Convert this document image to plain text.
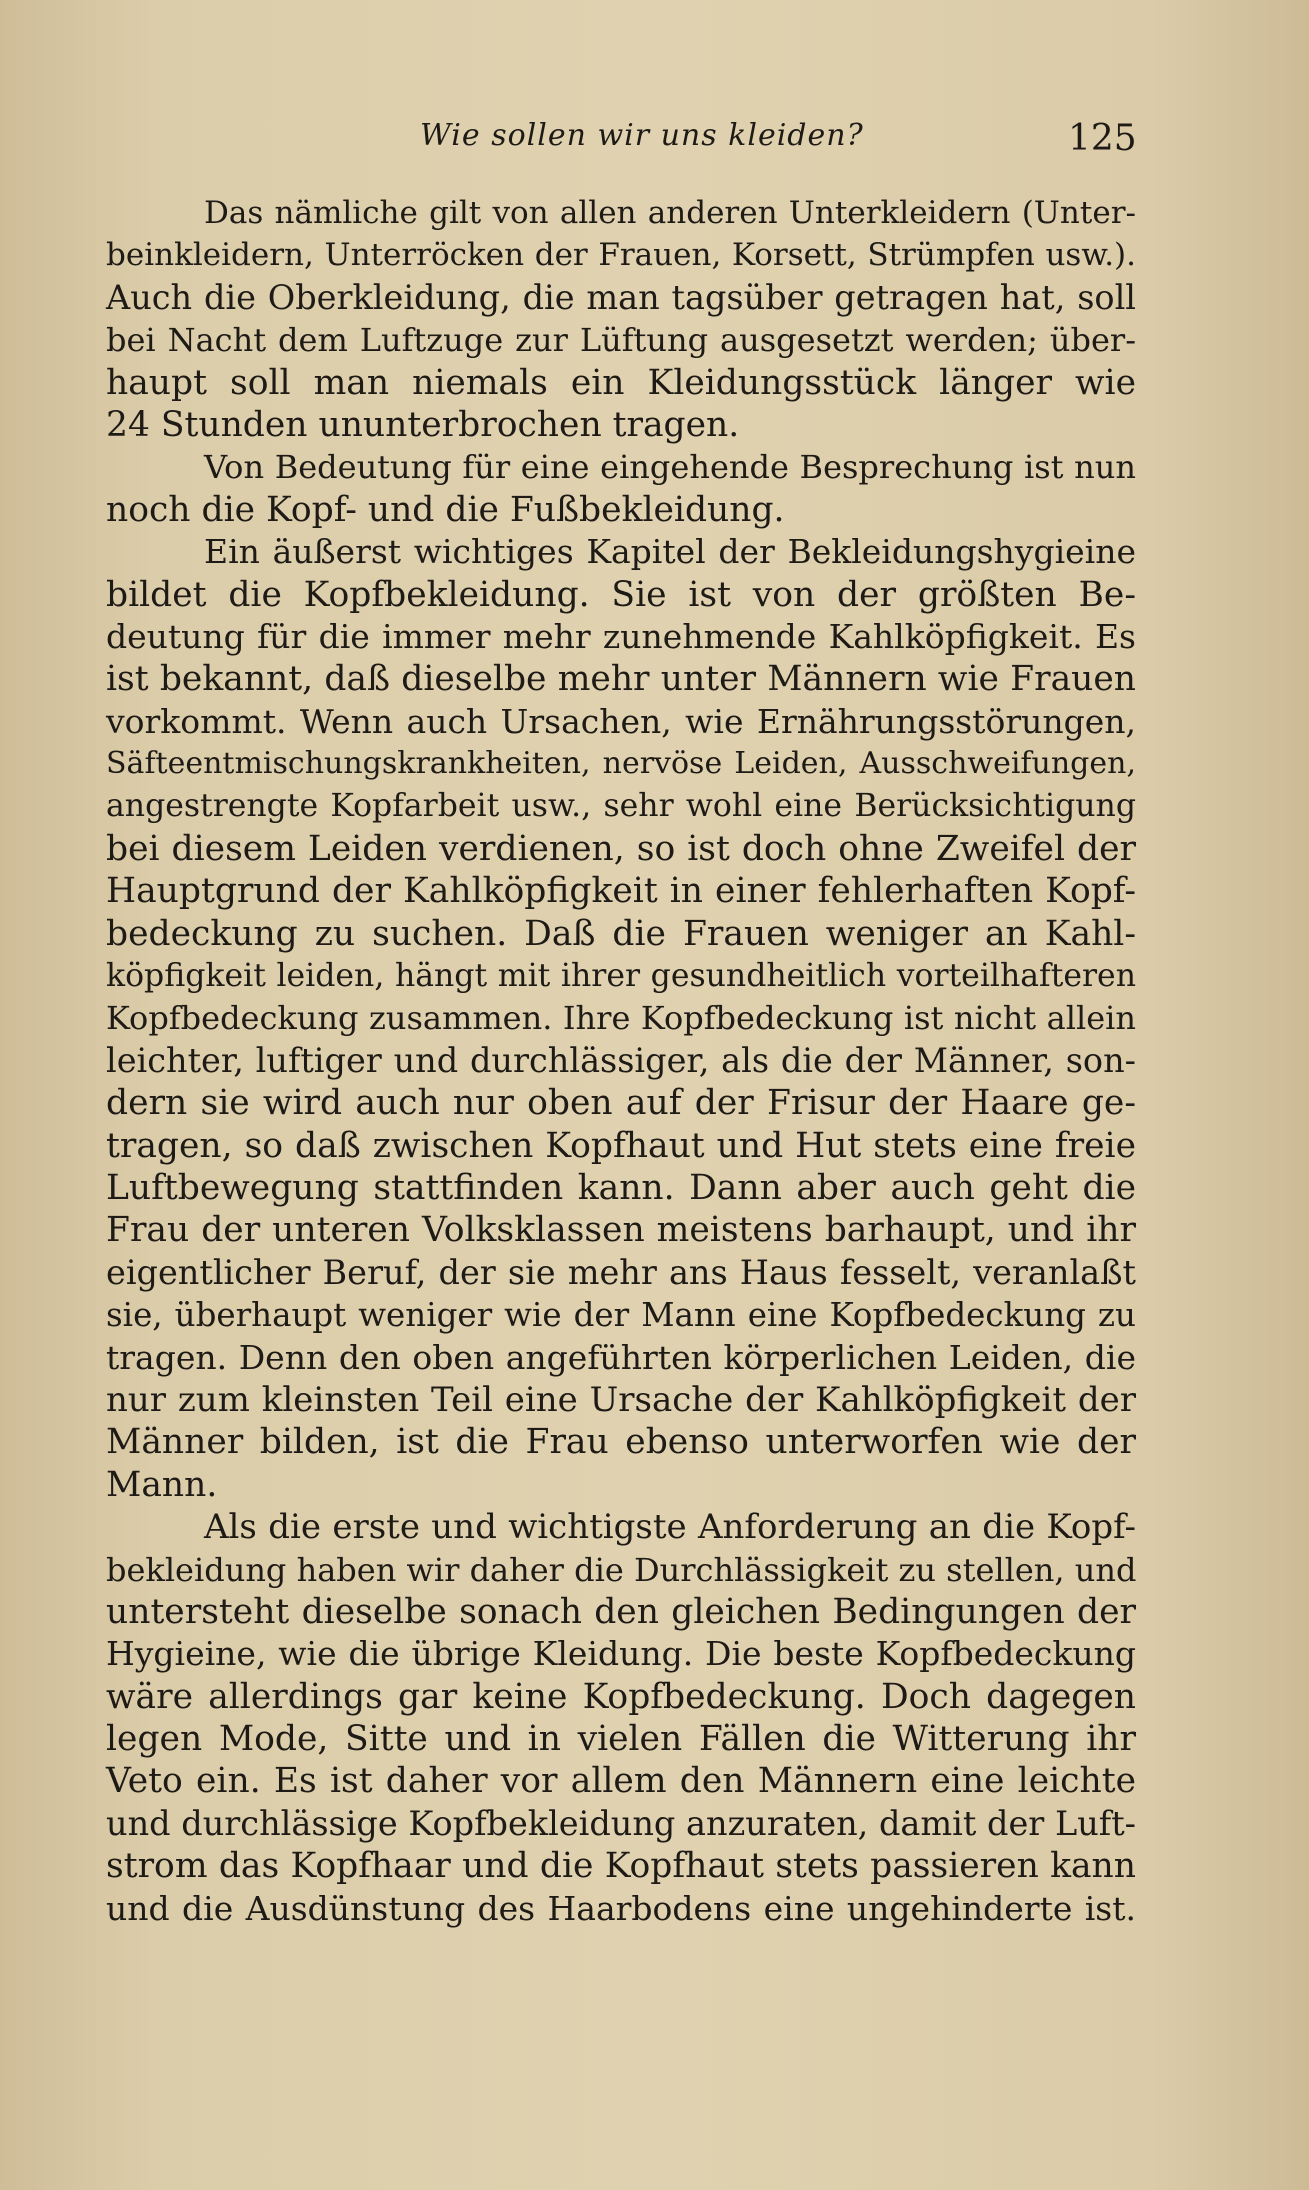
Wie sollen wir uns kleiden?	125
Das nämliche gilt von allen anderen Unterkleidern (Unter-
beinkleidern, Unterröcken der Frauen, Korsett, Strümpfen usw.).
Auch die Oberkleidung, die man tagsüber getragen hat, soll
bei Nacht dem Luftzuge zur Lüftung ausgesetzt werden; über-
haupt soll man niemals ein Kleidungsstück länger wie
24 Stunden ununterbrochen tragen.
Von Bedeutung für eine eingehende Besprechung ist nun
noch die Kopf- und die Fußbekleidung.
Ein äußerst wichtiges Kapitel der Bekleidungshygieine
bildet die Kopfbekleidung. Sie ist von der größten Be-
deutung für die immer mehr zunehmende Kahlköpfigkeit. Es
ist bekannt, daß dieselbe mehr unter Männern wie Frauen
vorkommt. Wenn auch Ursachen, wie Ernährungsstörungen,
Säfteentmischungskrankheiten, nervöse Leiden, Ausschweifungen,
angestrengte Kopfarbeit usw., sehr wohl eine Berücksichtigung
bei diesem Leiden verdienen, so ist doch ohne Zweifel der
Hauptgrund der Kahlköpfigkeit in einer fehlerhaften Kopf-
bedeckung zu suchen. Daß die Frauen weniger an Kahl-
köpfigkeit leiden, hängt mit ihrer gesundheitlich vorteilhafteren
Kopfbedeckung zusammen. Ihre Kopfbedeckung ist nicht allein
leichter, luftiger und durchlässiger, als die der Männer, son-
dern sie wird auch nur oben auf der Frisur der Haare ge-
tragen, so daß zwischen Kopfhaut und Hut stets eine freie
Luftbewegung stattfinden kann. Dann aber auch geht die
Frau der unteren Volksklassen meistens barhaupt, und ihr
eigentlicher Beruf, der sie mehr ans Haus fesselt, veranlaßt
sie, überhaupt weniger wie der Mann eine Kopfbedeckung zu
tragen. Denn den oben angeführten körperlichen Leiden, die
nur zum kleinsten Teil eine Ursache der Kahlköpfigkeit der
Männer bilden, ist die Frau ebenso unterworfen wie der
Mann.
Als die erste und wichtigste Anforderung an die Kopf-
bekleidung haben wir daher die Durchlässigkeit zu stellen, und
untersteht dieselbe sonach den gleichen Bedingungen der
Hygieine, wie die übrige Kleidung. Die beste Kopfbedeckung
wäre allerdings gar keine Kopfbedeckung. Doch dagegen
legen Mode, Sitte und in vielen Fällen die Witterung ihr
Veto ein. Es ist daher vor allem den Männern eine leichte
und durchlässige Kopfbekleidung anzuraten, damit der Luft-
strom das Kopfhaar und die Kopfhaut stets passieren kann
und die Ausdünstung des Haarbodens eine ungehinderte ist.
